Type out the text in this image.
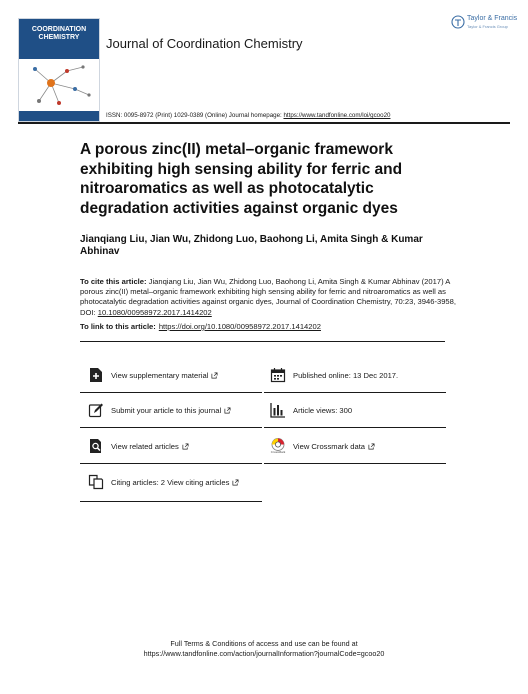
COORDINATION CHEMISTRY	Journal of Coordination Chemistry
Taylor & Francis
Taylor & Francis Group
ISSN: 0095-8972 (Print) 1029-0389 (Online) Journal homepage: https://www.tandfonline.com/loi/gcoo20
A porous zinc(II) metal–organic framework exhibiting high sensing ability for ferric and nitroaromatics as well as photocatalytic degradation activities against organic dyes
Jianqiang Liu, Jian Wu, Zhidong Luo, Baohong Li, Amita Singh & Kumar Abhinav
To cite this article: Jianqiang Liu, Jian Wu, Zhidong Luo, Baohong Li, Amita Singh & Kumar Abhinav (2017) A porous zinc(II) metal–organic framework exhibiting high sensing ability for ferric and nitroaromatics as well as photocatalytic degradation activities against organic dyes, Journal of Coordination Chemistry, 70:23, 3946-3958, DOI: 10.1080/00958972.2017.1414202
To link to this article: https://doi.org/10.1080/00958972.2017.1414202
View supplementary material	Published online: 13 Dec 2017.
Submit your article to this journal	Article views: 300
View related articles
CrossMark
View Crossmark data
Citing articles: 2 View citing articles
Full Terms & Conditions of access and use can be found at
https://www.tandfonline.com/action/journalInformation?journalCode=gcoo20
